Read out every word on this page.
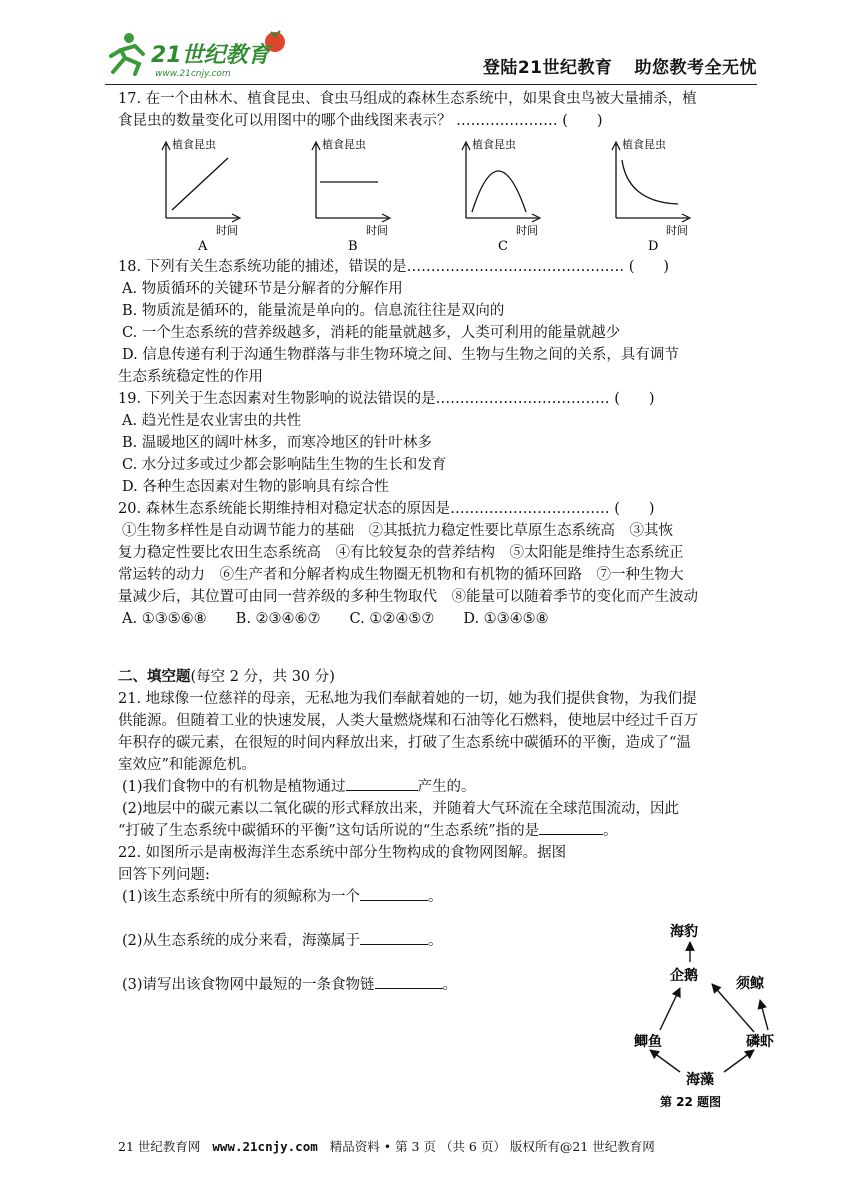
21世纪教育
www.21cnjy.com	登陆21世纪教育 助您教考全无忧
17. 在一个由林木、植食昆虫、食虫马组成的森林生态系统中，如果食虫鸟被大量捕杀，植
食昆虫的数量变化可以用图中的哪个曲线图来表示？ ………………… (　　)
植食昆虫
时间
A
植食昆虫
时间
B
植食昆虫
时间
C
植食昆虫
时间
D
18. 下列有关生态系统功能的捕述，错误的是……………………………………… (　　)
A. 物质循环的关键环节是分解者的分解作用
B. 物质流是循环的，能量流是单向的。信息流往往是双向的
C. 一个生态系统的营养级越多，消耗的能量就越多，人类可利用的能量就越少
D. 信息传递有利于沟通生物群落与非生物环境之间、生物与生物之间的关系，具有调节
生态系统稳定性的作用
19. 下列关于生态因素对生物影响的说法错误的是……………………………… (　　)
A. 趋光性是农业害虫的共性
B. 温暖地区的阔叶林多，而寒冷地区的针叶林多
C. 水分过多或过少都会影响陆生生物的生长和发育
D. 各种生态因素对生物的影响具有综合性
20. 森林生态系统能长期维持相对稳定状态的原因是…………………………… (　　)
①生物多样性是自动调节能力的基础　②其抵抗力稳定性要比草原生态系统高　③其恢
复力稳定性要比农田生态系统高　④有比较复杂的营养结构　⑤太阳能是维持生态系统正
常运转的动力　⑥生产者和分解者构成生物圈无机物和有机物的循环回路　⑦一种生物大
量减少后，其位置可由同一营养级的多种生物取代　⑧能量可以随着季节的变化而产生波动
A. ①③⑤⑥⑧　　B. ②③④⑥⑦　　C. ①②④⑤⑦　　D. ①③④⑤⑧
二、填空题(每空 2 分，共 30 分)
21. 地球像一位慈祥的母亲，无私地为我们奉献着她的一切，她为我们提供食物，为我们提
供能源。但随着工业的快速发展，人类大量燃烧煤和石油等化石燃料，使地层中经过千百万
年积存的碳元素，在很短的时间内释放出来，打破了生态系统中碳循环的平衡，造成了“温
室效应”和能源危机。
(1)我们食物中的有机物是植物通过	产生的。
(2)地层中的碳元素以二氧化碳的形式释放出来，并随着大气环流在全球范围流动，因此
“打破了生态系统中碳循环的平衡”这句话所说的“生态系统”指的是	。
22. 如图所示是南极海洋生态系统中部分生物构成的食物网图解。据图
回答下列问题:
(1)该生态系统中所有的须鲸称为一个	。
(2)从生态系统的成分来看，海藻属于	。
(3)请写出该食物网中最短的一条食物链	。
海豹
企鹅	须鲸
鲫鱼	磷虾
海藻
第 22 题图
21 世纪教育网 www.21cnjy.com 精品资料 • 第 3 页 （共 6 页） 版权所有@21 世纪教育网
